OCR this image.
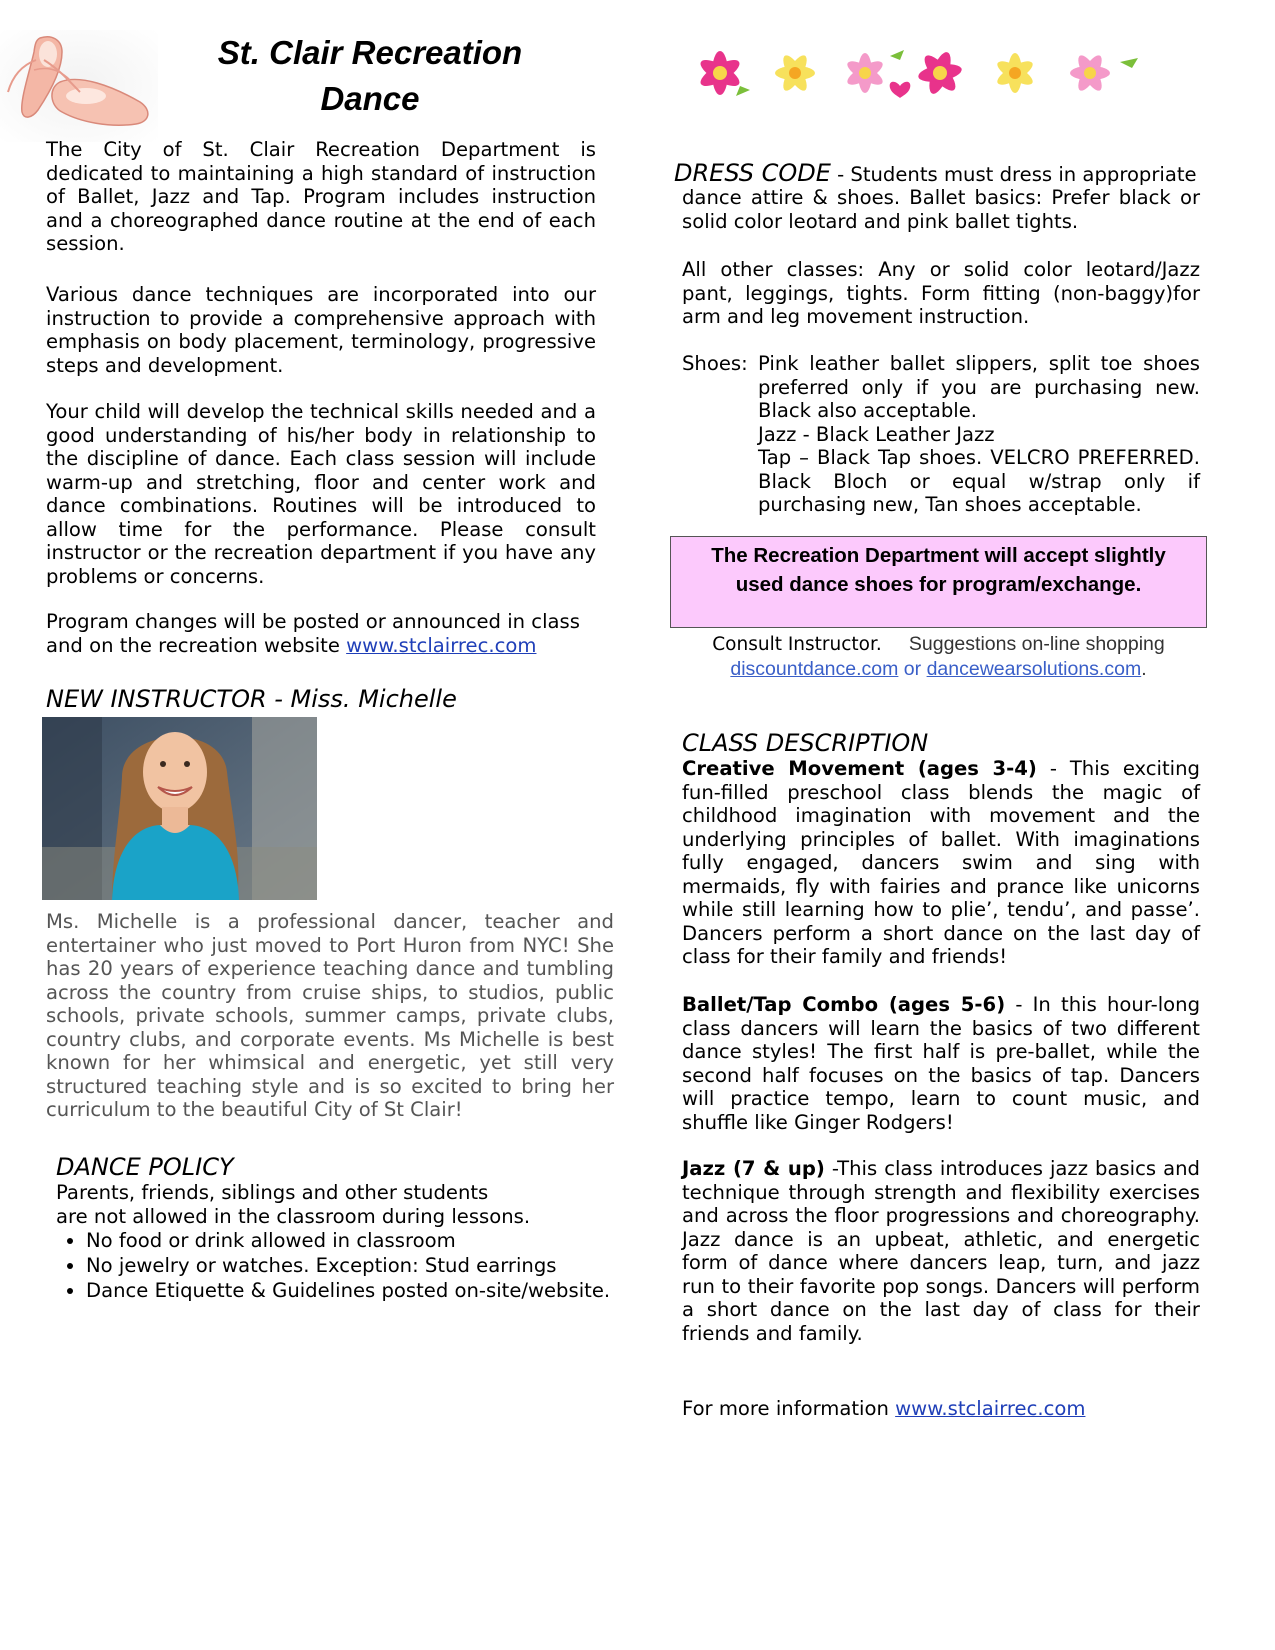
St. Clair Recreation
Dance

The City of St. Clair Recreation Department is dedicated to maintaining a high standard of instruction of Ballet, Jazz and Tap. Program includes instruction and a choreographed dance routine at the end of each session.

Various dance techniques are incorporated into our instruction to provide a comprehensive approach with emphasis on body placement, terminology, progressive steps and development.

Your child will develop the technical skills needed and a good understanding of his/her body in relationship to the discipline of dance. Each class session will include warm-up and stretching, floor and center work and dance combinations. Routines will be introduced to allow time for the performance. Please consult instructor or the recreation department if you have any problems or concerns.

Program changes will be posted or announced in class and on the recreation website www.stclairrec.com

NEW INSTRUCTOR - Miss. Michelle

Ms. Michelle is a professional dancer, teacher and entertainer who just moved to Port Huron from NYC! She has 20 years of experience teaching dance and tumbling across the country from cruise ships, to studios, public schools, private schools, summer camps, private clubs, country clubs, and corporate events. Ms Michelle is best known for her whimsical and energetic, yet still very structured teaching style and is so excited to bring her curriculum to the beautiful City of St Clair!

DANCE POLICY
Parents, friends, siblings and other students
are not allowed in the classroom during lessons.
• No food or drink allowed in classroom
• No jewelry or watches. Exception: Stud earrings
• Dance Etiquette & Guidelines posted on-site/website.
DRESS CODE - Students must dress in appropriate

dance attire & shoes. Ballet basics: Prefer black or solid color leotard and pink ballet tights.

All other classes: Any or solid color leotard/Jazz pant, leggings, tights. Form fitting (non-baggy)for arm and leg movement instruction.

Shoes: Pink leather ballet slippers, split toe shoes preferred only if you are purchasing new. Black also acceptable.
Jazz - Black Leather Jazz
Tap – Black Tap shoes. VELCRO PREFERRED. Black Bloch or equal w/strap only if purchasing new, Tan shoes acceptable.
The Recreation Department will accept slightly used dance shoes for program/exchange.
Consult Instructor. Suggestions on-line shopping
discountdance.com or dancewearsolutions.com.
CLASS DESCRIPTION

Creative Movement (ages 3-4) - This exciting fun-filled preschool class blends the magic of childhood imagination with movement and the underlying principles of ballet. With imaginations fully engaged, dancers swim and sing with mermaids, fly with fairies and prance like unicorns while still learning how to plie’, tendu’, and passe’. Dancers perform a short dance on the last day of class for their family and friends!

Ballet/Tap Combo (ages 5-6) - In this hour-long class dancers will learn the basics of two different dance styles! The first half is pre-ballet, while the second half focuses on the basics of tap. Dancers will practice tempo, learn to count music, and shuffle like Ginger Rodgers!

Jazz (7 & up) -This class introduces jazz basics and technique through strength and flexibility exercises and across the floor progressions and choreography. Jazz dance is an upbeat, athletic, and energetic form of dance where dancers leap, turn, and jazz run to their favorite pop songs. Dancers will perform a short dance on the last day of class for their friends and family.

For more information www.stclairrec.com
